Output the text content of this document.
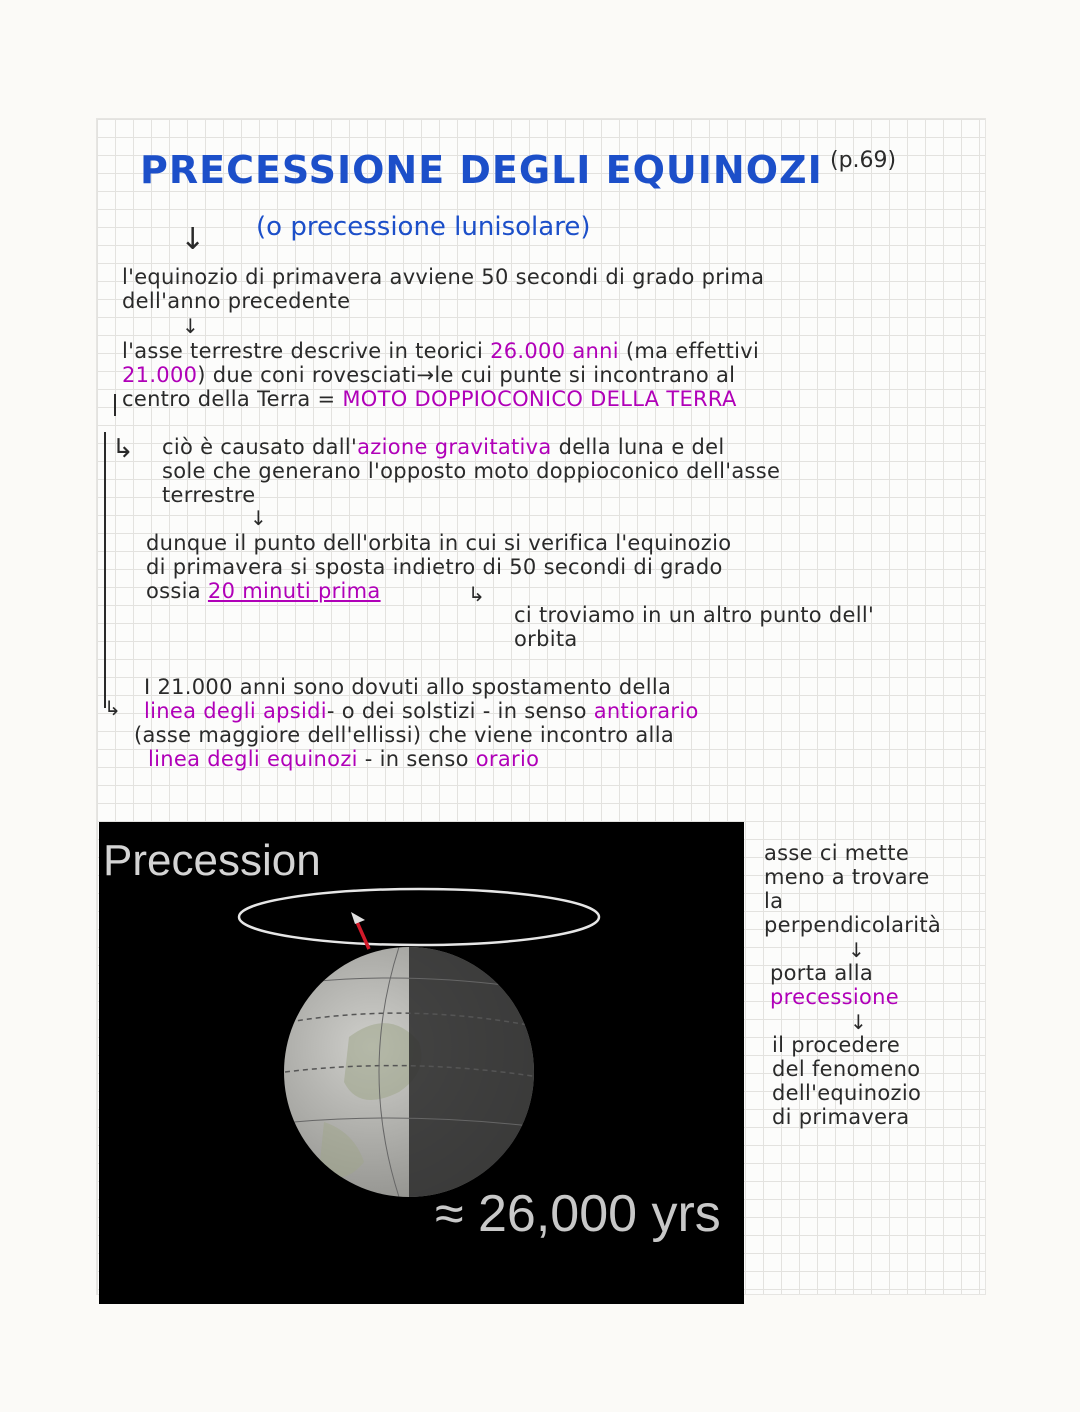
PRECESSIONE DEGLI EQUINOZI (p.69)
↓ (o precessione lunisolare)
l'equinozio di primavera avviene 50 secondi di grado prima
dell'anno precedente
↓
l'asse terrestre descrive in teorici 26.000 anni (ma effettivi
21.000) due coni rovesciati→le cui punte si incontrano al
centro della Terra = MOTO DOPPIOCONICO DELLA TERRA
↳
↳
ciò è causato dall'azione gravitativa della luna e del
sole che generano l'opposto moto doppioconico dell'asse
terrestre
↓
dunque il punto dell'orbita in cui si verifica l'equinozio
di primavera si sposta indietro di 50 secondi di grado
ossia 20 minuti prima	↳
ci troviamo in un altro punto dell'
orbita
I 21.000 anni sono dovuti allo spostamento della
linea degli apsidi- o dei solstizi - in senso antiorario
(asse maggiore dell'ellissi) che viene incontro alla
linea degli equinozi - in senso orario
Precession
≈ 26,000 yrs
asse ci mette
meno a trovare
la
perpendicolarità
↓
porta alla
precessione
↓
il procedere
del fenomeno
dell'equinozio
di primavera
